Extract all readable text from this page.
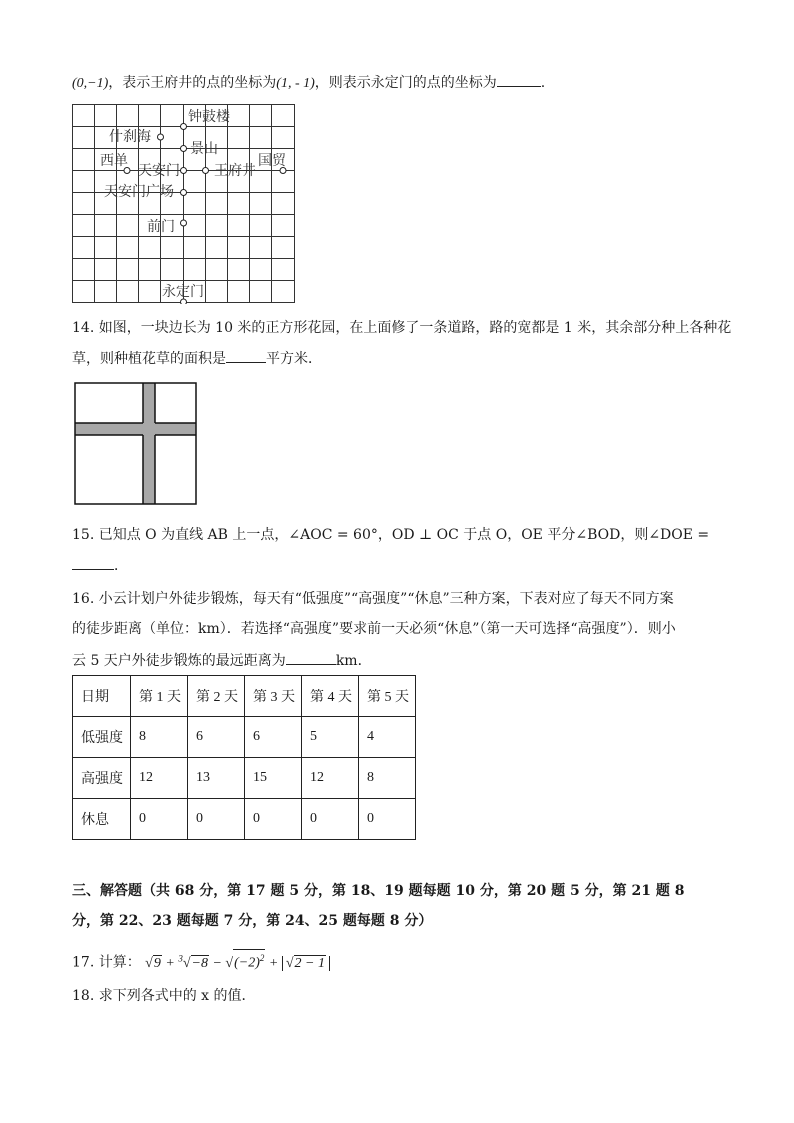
(0,−1)，表示王府井的点的坐标为(1, - 1)，则表示永定门的点的坐标为	.
钟鼓楼
什刹海
景山
西单
天安门 王府井
国贸
天安门广场
前门
永定门
14. 如图，一块边长为 10 米的正方形花园，在上面修了一条道路，路的宽都是 1 米，其余部分种上各种花
草，则种植花草的面积是	平方米．
15. 已知点 O 为直线 AB 上一点，∠AOC = 60°，OD ⊥ OC 于点 O，OE 平分∠BOD，则∠DOE =
．
16. 小云计划户外徒步锻炼，每天有“低强度”“高强度”“休息”三种方案，下表对应了每天不同方案
的徒步距离（单位：km）．若选择“高强度”要求前一天必须“休息”（第一天可选择“高强度”）．则小
云 5 天户外徒步锻炼的最远距离为	km．
日期	第 1 天	第 2 天	第 3 天	第 4 天	第 5 天
低强度	8	6	6	5	4
高强度	12	13	15	12	8
休息	0	0	0	0	0
三、解答题（共 68 分，第 17 题 5 分，第 18、19 题每题 10 分，第 20 题 5 分，第 21 题 8
分，第 22、23 题每题 7 分，第 24、25 题每题 8 分）
17. 计算： $√9 + ^3√-8 - √(-2)^2 + √2 - 1$
18. 求下列各式中的 x 的值．
